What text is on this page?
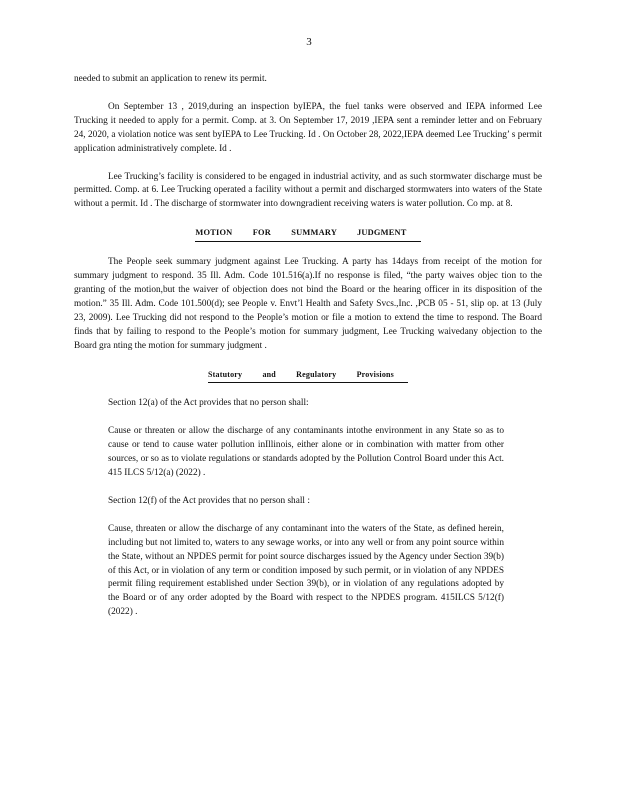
3

needed to submit an application to renew its permit.

On September 13 , 2019,during an inspection byIEPA, the fuel tanks were observed and IEPA informed Lee Trucking it needed to apply for a permit. Comp. at 3. On September 17, 2019 ,IEPA sent a reminder letter and on February 24, 2020, a violation notice was sent byIEPA to Lee Trucking. Id . On October 28, 2022,IEPA deemed Lee Trucking’ s permit application administratively complete. Id .

Lee Trucking’s facility is considered to be engaged in industrial activity, and as such stormwater discharge must be permitted. Comp. at 6. Lee Trucking operated a facility without a permit and discharged stormwaters into waters of the State without a permit. Id . The discharge of stormwater into downgradient receiving waters is water pollution. Co mp. at 8.

MOTION FOR SUMMARY JUDGMENT

The People seek summary judgment against Lee Trucking. A party has 14days from receipt of the motion for summary judgment to respond. 35 Ill. Adm. Code 101.516(a).If no response is filed, “the party waives objec tion to the granting of the motion,but the waiver of objection does not bind the Board or the hearing officer in its disposition of the motion.” 35 Ill. Adm. Code 101.500(d); see People v. Envt’l Health and Safety Svcs.,Inc. ,PCB 05 - 51, slip op. at 13 (July 23, 2009). Lee Trucking did not respond to the People’s motion or file a motion to extend the time to respond. The Board finds that by failing to respond to the People’s motion for summary judgment, Lee Trucking waivedany objection to the Board gra nting the motion for summary judgment .

Statutory and Regulatory Provisions

Section 12(a) of the Act provides that no person shall:

Cause or threaten or allow the discharge of any contaminants intothe environment in any State so as to cause or tend to cause water pollution inIllinois, either alone or in combination with matter from other sources, or so as to violate regulations or standards adopted by the Pollution Control Board under this Act. 415 ILCS 5/12(a) (2022) .

Section 12(f) of the Act provides that no person shall :

Cause, threaten or allow the discharge of any contaminant into the waters of the State, as defined herein, including but not limited to, waters to any sewage works, or into any well or from any point source within the State, without an NPDES permit for point source discharges issued by the Agency under Section 39(b) of this Act, or in violation of any term or condition imposed by such permit, or in violation of any NPDES permit filing requirement established under Section 39(b), or in violation of any regulations adopted by the Board or of any order adopted by the Board with respect to the NPDES program. 415ILCS 5/12(f) (2022) .
